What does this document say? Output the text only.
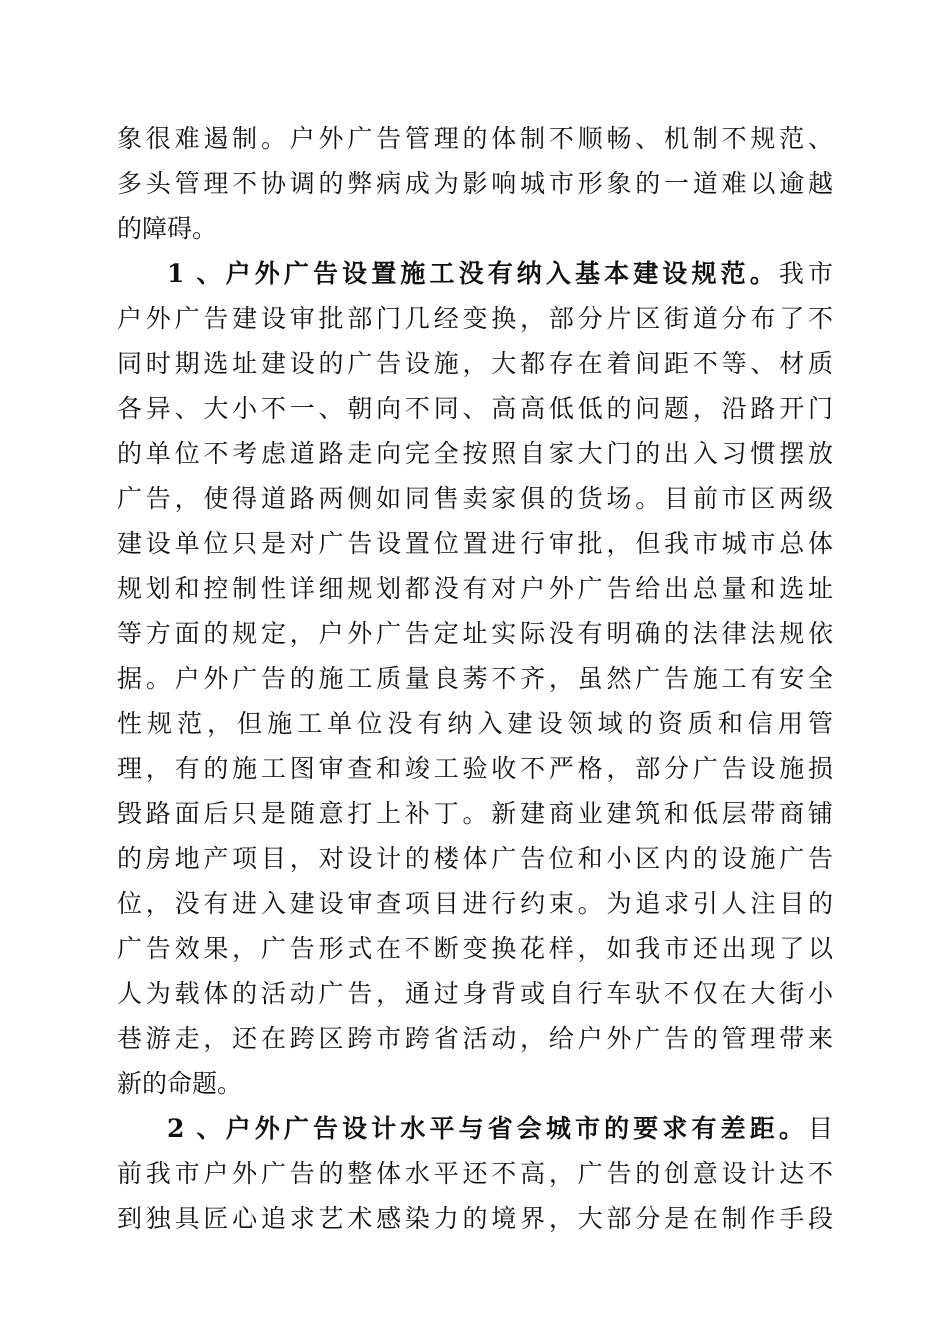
象很难遏制。户外广告管理的体制不顺畅、机制不规范、
多头管理不协调的弊病成为影响城市形象的一道难以逾越
的障碍。
1 、户外广告设置施工没有纳入基本建设规范。我市
户外广告建设审批部门几经变换，部分片区街道分布了不
同时期选址建设的广告设施，大都存在着间距不等、材质
各异、大小不一、朝向不同、高高低低的问题，沿路开门
的单位不考虑道路走向完全按照自家大门的出入习惯摆放
广告，使得道路两侧如同售卖家俱的货场。目前市区两级
建设单位只是对广告设置位置进行审批，但我市城市总体
规划和控制性详细规划都没有对户外广告给出总量和选址
等方面的规定，户外广告定址实际没有明确的法律法规依
据。户外广告的施工质量良莠不齐，虽然广告施工有安全
性规范，但施工单位没有纳入建设领域的资质和信用管
理，有的施工图审查和竣工验收不严格，部分广告设施损
毁路面后只是随意打上补丁。新建商业建筑和低层带商铺
的房地产项目，对设计的楼体广告位和小区内的设施广告
位，没有进入建设审查项目进行约束。为追求引人注目的
广告效果，广告形式在不断变换花样，如我市还出现了以
人为载体的活动广告，通过身背或自行车驮不仅在大街小
巷游走，还在跨区跨市跨省活动，给户外广告的管理带来
新的命题。
2 、户外广告设计水平与省会城市的要求有差距。目
前我市户外广告的整体水平还不高，广告的创意设计达不
到独具匠心追求艺术感染力的境界，大部分是在制作手段
